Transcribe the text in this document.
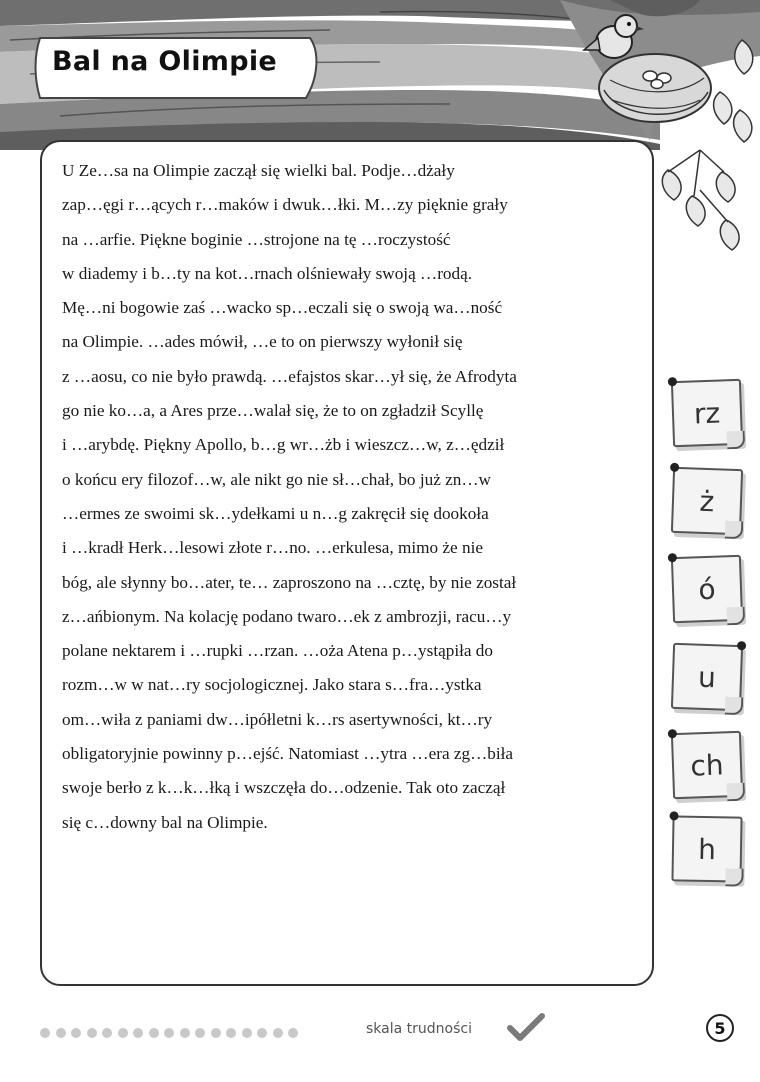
Bal na Olimpie
U Ze…sa na Olimpie zaczął się wielki bal. Podje…dżały
zap…ęgi r…ących r…maków i dwuk…łki. M…zy pięknie grały
na …arfie. Piękne boginie …strojone na tę …roczystość
w diademy i b…ty na kot…rnach olśniewały swoją …rodą.
Mę…ni bogowie zaś …wacko sp…eczali się o swoją wa…ność
na Olimpie. …ades mówił, …e to on pierwszy wyłonił się
z …aosu, co nie było prawdą. …efajstos skar…ył się, że Afrodyta
go nie ko…a, a Ares prze…walał się, że to on zgładził Scyllę
i …arybdę. Piękny Apollo, b…g wr…żb i wieszcz…w, z…ędził
o końcu ery filozof…w, ale nikt go nie sł…chał, bo już zn…w
…ermes ze swoimi sk…ydełkami u n…g zakręcił się dookoła
i …kradł Herk…lesowi złote r…no. …erkulesa, mimo że nie
bóg, ale słynny bo…ater, te… zaproszono na …cztę, by nie został
z…ańbionym. Na kolację podano twaro…ek z ambrozji, racu…y
polane nektarem i …rupki …rzan. …oża Atena p…ystąpiła do
rozm…w w nat…ry socjologicznej. Jako stara s…fra…ystka
om…wiła z paniami dw…ipółletni k…rs asertywności, kt…ry
obligatoryjnie powinny p…ejść. Natomiast …ytra …era zg…biła
swoje berło z k…k…łką i wszczęła do…odzenie. Tak oto zaczął
się c…downy bal na Olimpie.
rz
ż
ó
u
ch
h
skala trudności	5
